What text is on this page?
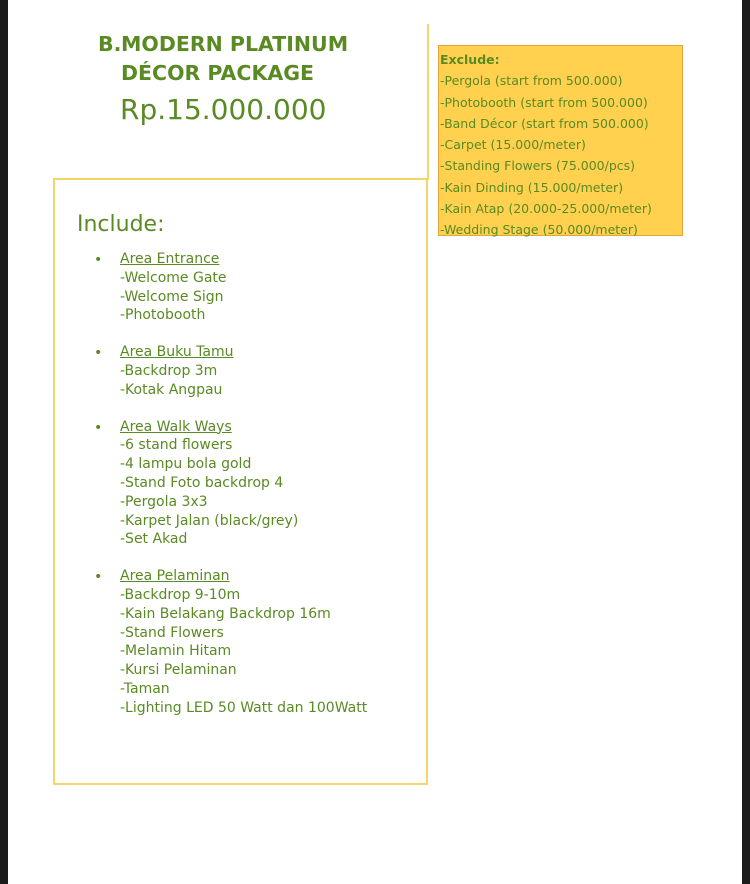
B. MODERN PLATINUM DÉCOR PACKAGE
Rp.15.000.000
Include:
• Area Entrance
-Welcome Gate
-Welcome Sign
-Photobooth
• Area Buku Tamu
-Backdrop 3m
-Kotak Angpau
• Area Walk Ways
-6 stand flowers
-4 lampu bola gold
-Stand Foto backdrop 4
-Pergola 3x3
-Karpet Jalan (black/grey)
-Set Akad
• Area Pelaminan
-Backdrop 9-10m
-Kain Belakang Backdrop 16m
-Stand Flowers
-Melamin Hitam
-Kursi Pelaminan
-Taman
-Lighting LED 50 Watt dan 100Watt
Exclude:
-Pergola (start from 500.000)
-Photobooth (start from 500.000)
-Band Décor (start from 500.000)
-Carpet (15.000/meter)
-Standing Flowers (75.000/pcs)
-Kain Dinding (15.000/meter)
-Kain Atap (20.000-25.000/meter)
-Wedding Stage (50.000/meter)
